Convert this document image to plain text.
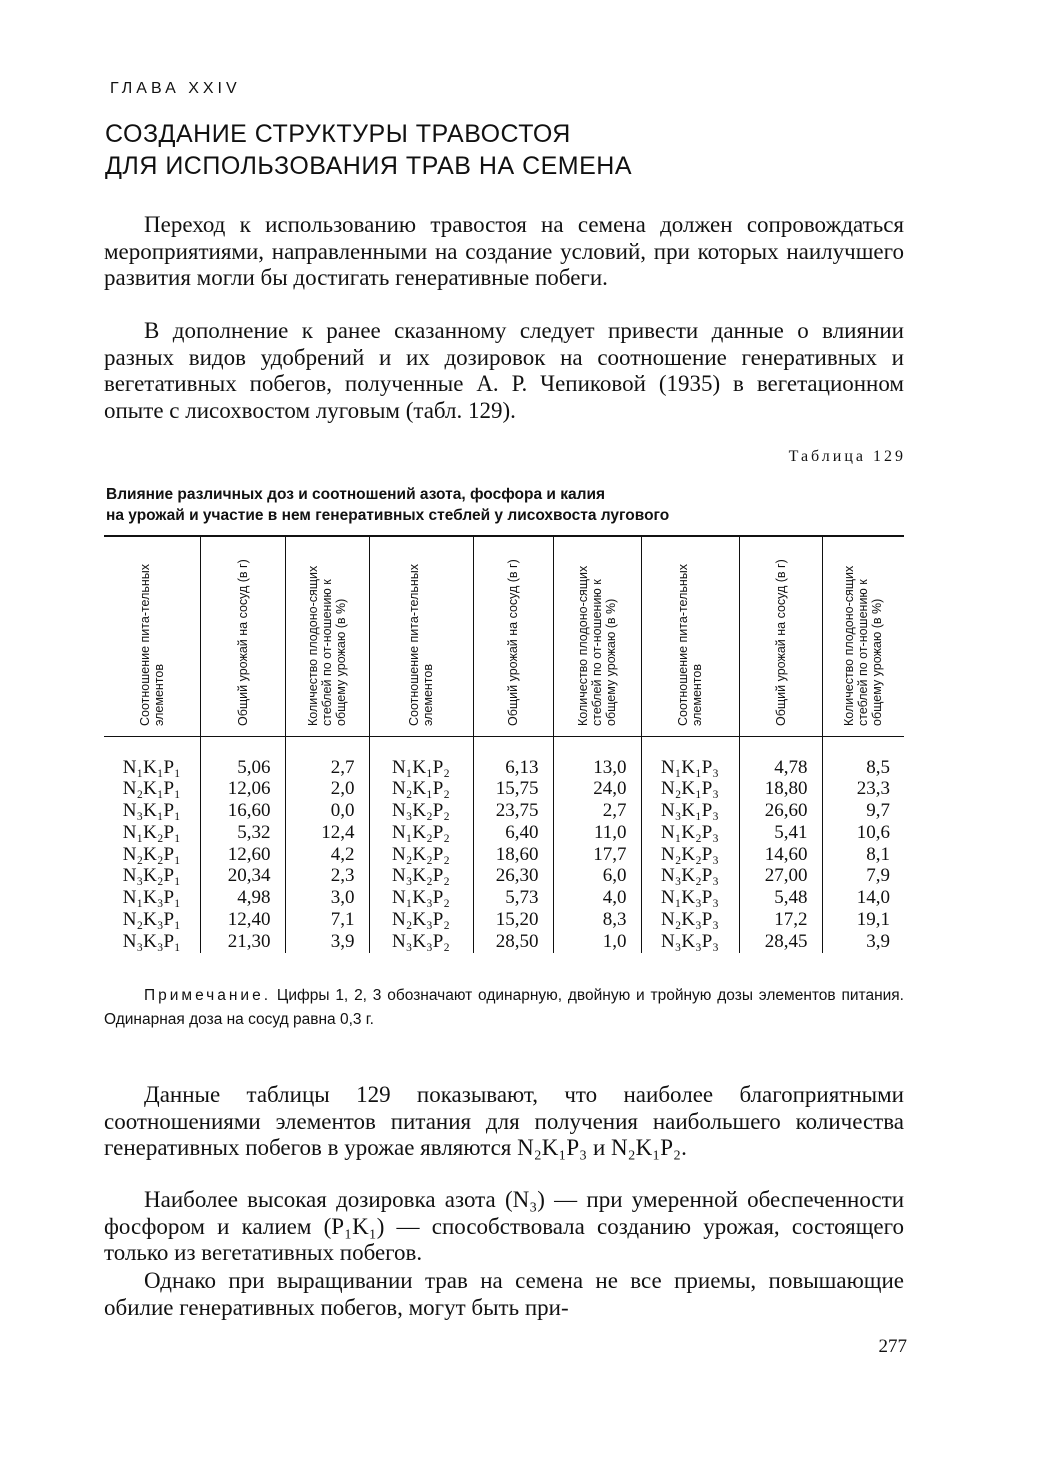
ГЛАВА XXIV
СОЗДАНИЕ СТРУКТУРЫ ТРАВОСТОЯ
ДЛЯ ИСПОЛЬЗОВАНИЯ ТРАВ НА СЕМЕНА

Переход к использованию травостоя на семена должен сопровождаться мероприятиями, направленными на создание условий, при которых наилучшего развития могли бы достигать генеративные побеги.

В дополнение к ранее сказанному следует привести данные о влиянии разных видов удобрений и их дозировок на соотношение генеративных и вегетативных побегов, полученные А. Р. Чепиковой (1935) в вегетационном опыте с лисохвостом луговым (табл. 129).

Таблица 129
Влияние различных доз и соотношений азота, фосфора и калия
на урожай и участие в нем генеративных стеблей у лисохвоста лугового
Соотношение пита-тельных элементов	Общий урожай на сосуд (в г)	Количество плодоно-сящих стеблей по от-ношению к общему урожаю (в %)	Соотношение пита-тельных элементов	Общий урожай на сосуд (в г)	Количество плодоно-сящих стеблей по от-ношению к общему урожаю (в %)	Соотношение пита-тельных элементов	Общий урожай на сосуд (в г)	Количество плодоно-сящих стеблей по от-ношению к общему урожаю (в %)

N₁K₁P₁	5,06	2,7	N₁K₁P₂	6,13	13,0	N₁K₁P₃	4,78	8,5
N₂K₁P₁	12,06	2,0	N₂K₁P₂	15,75	24,0	N₂K₁P₃	18,80	23,3
N₃K₁P₁	16,60	0,0	N₃K₂P₂	23,75	2,7	N₃K₁P₃	26,60	9,7
N₁K₂P₁	5,32	12,4	N₁K₂P₂	6,40	11,0	N₁K₂P₃	5,41	10,6
N₂K₂P₁	12,60	4,2	N₂K₂P₂	18,60	17,7	N₂K₂P₃	14,60	8,1
N₃K₂P₁	20,34	2,3	N₃K₂P₂	26,30	6,0	N₃K₂P₃	27,00	7,9
N₁K₃P₁	4,98	3,0	N₁K₃P₂	5,73	4,0	N₁K₃P₃	5,48	14,0
N₂K₃P₁	12,40	7,1	N₂K₃P₂	15,20	8,3	N₂K₃P₃	17,2	19,1
N₃K₃P₁	21,30	3,9	N₃K₃P₂	28,50	1,0	N₃K₃P₃	28,45	3,9
Примечание. Цифры 1, 2, 3 обозначают одинарную, двойную и тройную дозы элементов питания. Одинарная доза на сосуд равна 0,3 г.

Данные таблицы 129 показывают, что наиболее благоприятными соотношениями элементов питания для получения наибольшего количества генеративных побегов в урожае являются N₂K₁P₃ и N₂K₁P₂.

Наиболее высокая дозировка азота (N₃) — при умеренной обеспеченности фосфором и калием (P₁K₁) — способствовала созданию урожая, состоящего только из вегетативных побегов.

Однако при выращивании трав на семена не все приемы, повышающие обилие генеративных побегов, могут быть при-

277
